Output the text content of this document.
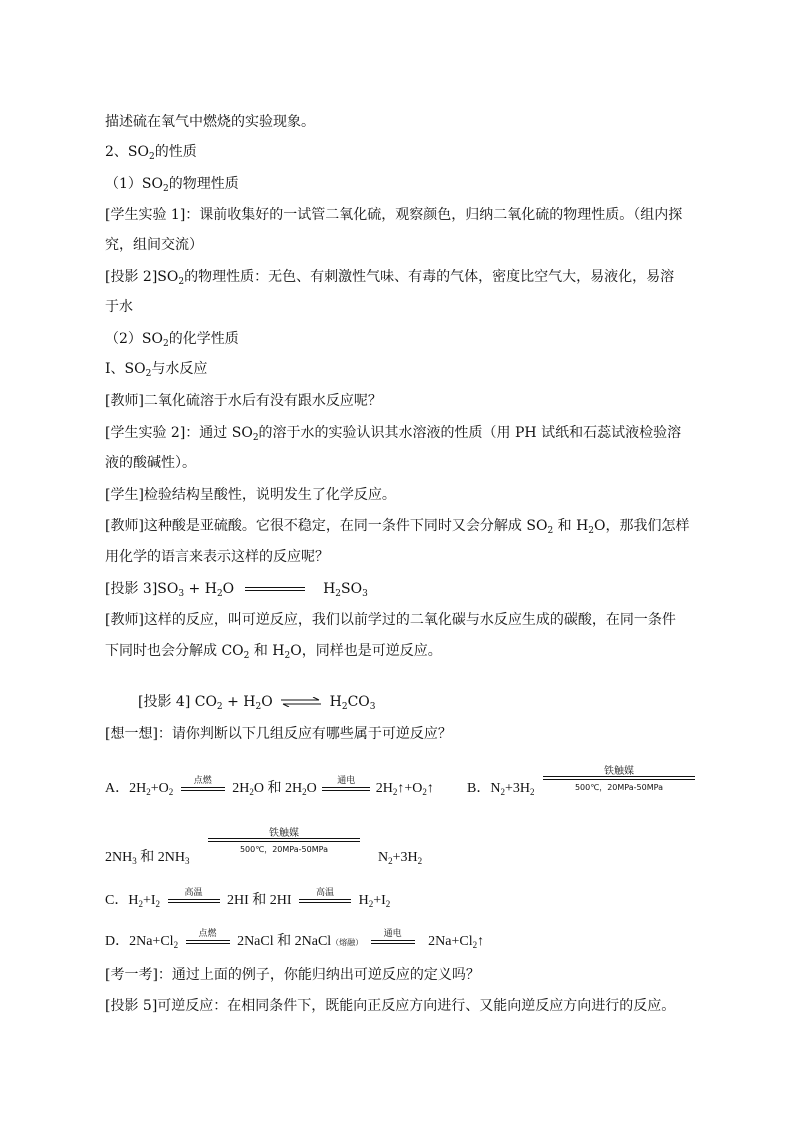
描述硫在氧气中燃烧的实验现象。
2、$SO_2$的性质
$(1)SO_2$的物理性质
[学生实验 1]：课前收集好的一试管二氧化硫，观察颜色，归纳二氧化硫的物理性质。（组内探
究，组间交流）
[投影 $2]SO_2$的物理性质：无色、有刺激性气味、有毒的气体，密度比空气大，易液化，易溶
于水
$(2)SO_2$的化学性质
I、$SO_2$与水反应
[教师]二氧化硫溶于水后有没有跟水反应呢？
[学生实验 2]：通过 $SO_2$的溶于水的实验认识其水溶液的性质（用 PH 试纸和石蕊试液检验溶
液的酸碱性）。
[学生]检验结构呈酸性，说明发生了化学反应。
[教师]这种酸是亚硫酸。它很不稳定，在同一条件下同时又会分解成 $SO_2$ 和 $H_2O$，那我们怎样
用化学的语言来表示这样的反应呢？
[投影 $3]SO_3 + H_2O$	$H_2SO_3$
[教师]这样的反应，叫可逆反应，我们以前学过的二氧化碳与水反应生成的碳酸，在同一条件
下同时也会分解成 $CO_2$ 和 $H_2O$，同样也是可逆反应。
[投影 4] $CO_2 + H_2O$ ⇌ $H_2CO_3$
[想一想]：请你判断以下几组反应有哪些属于可逆反应？
A．$2H_2+O_2$
点燃
$2H_2O$ 和 $2H_2O$
通电
$2H_2↑+O_2↑$ B．$N_2+3H_2$
铁触媒
500℃，20MPa-50MPa
$2NH_3$ 和 $2NH_3$
铁触媒
500℃，20MPa-50MPa
$N_2+3H_2$
C．$H_2+I_2$
高温
2HI 和 2HI
高温
$H_2+I_2$
D．$2Na+Cl_2$
点燃
2NaCl 和 2NaCl（熔融）
通电
$2Na+Cl_2↑$
[考一考]：通过上面的例子，你能归纳出可逆反应的定义吗？
[投影 5]可逆反应：在相同条件下，既能向正反应方向进行、又能向逆反应方向进行的反应。
